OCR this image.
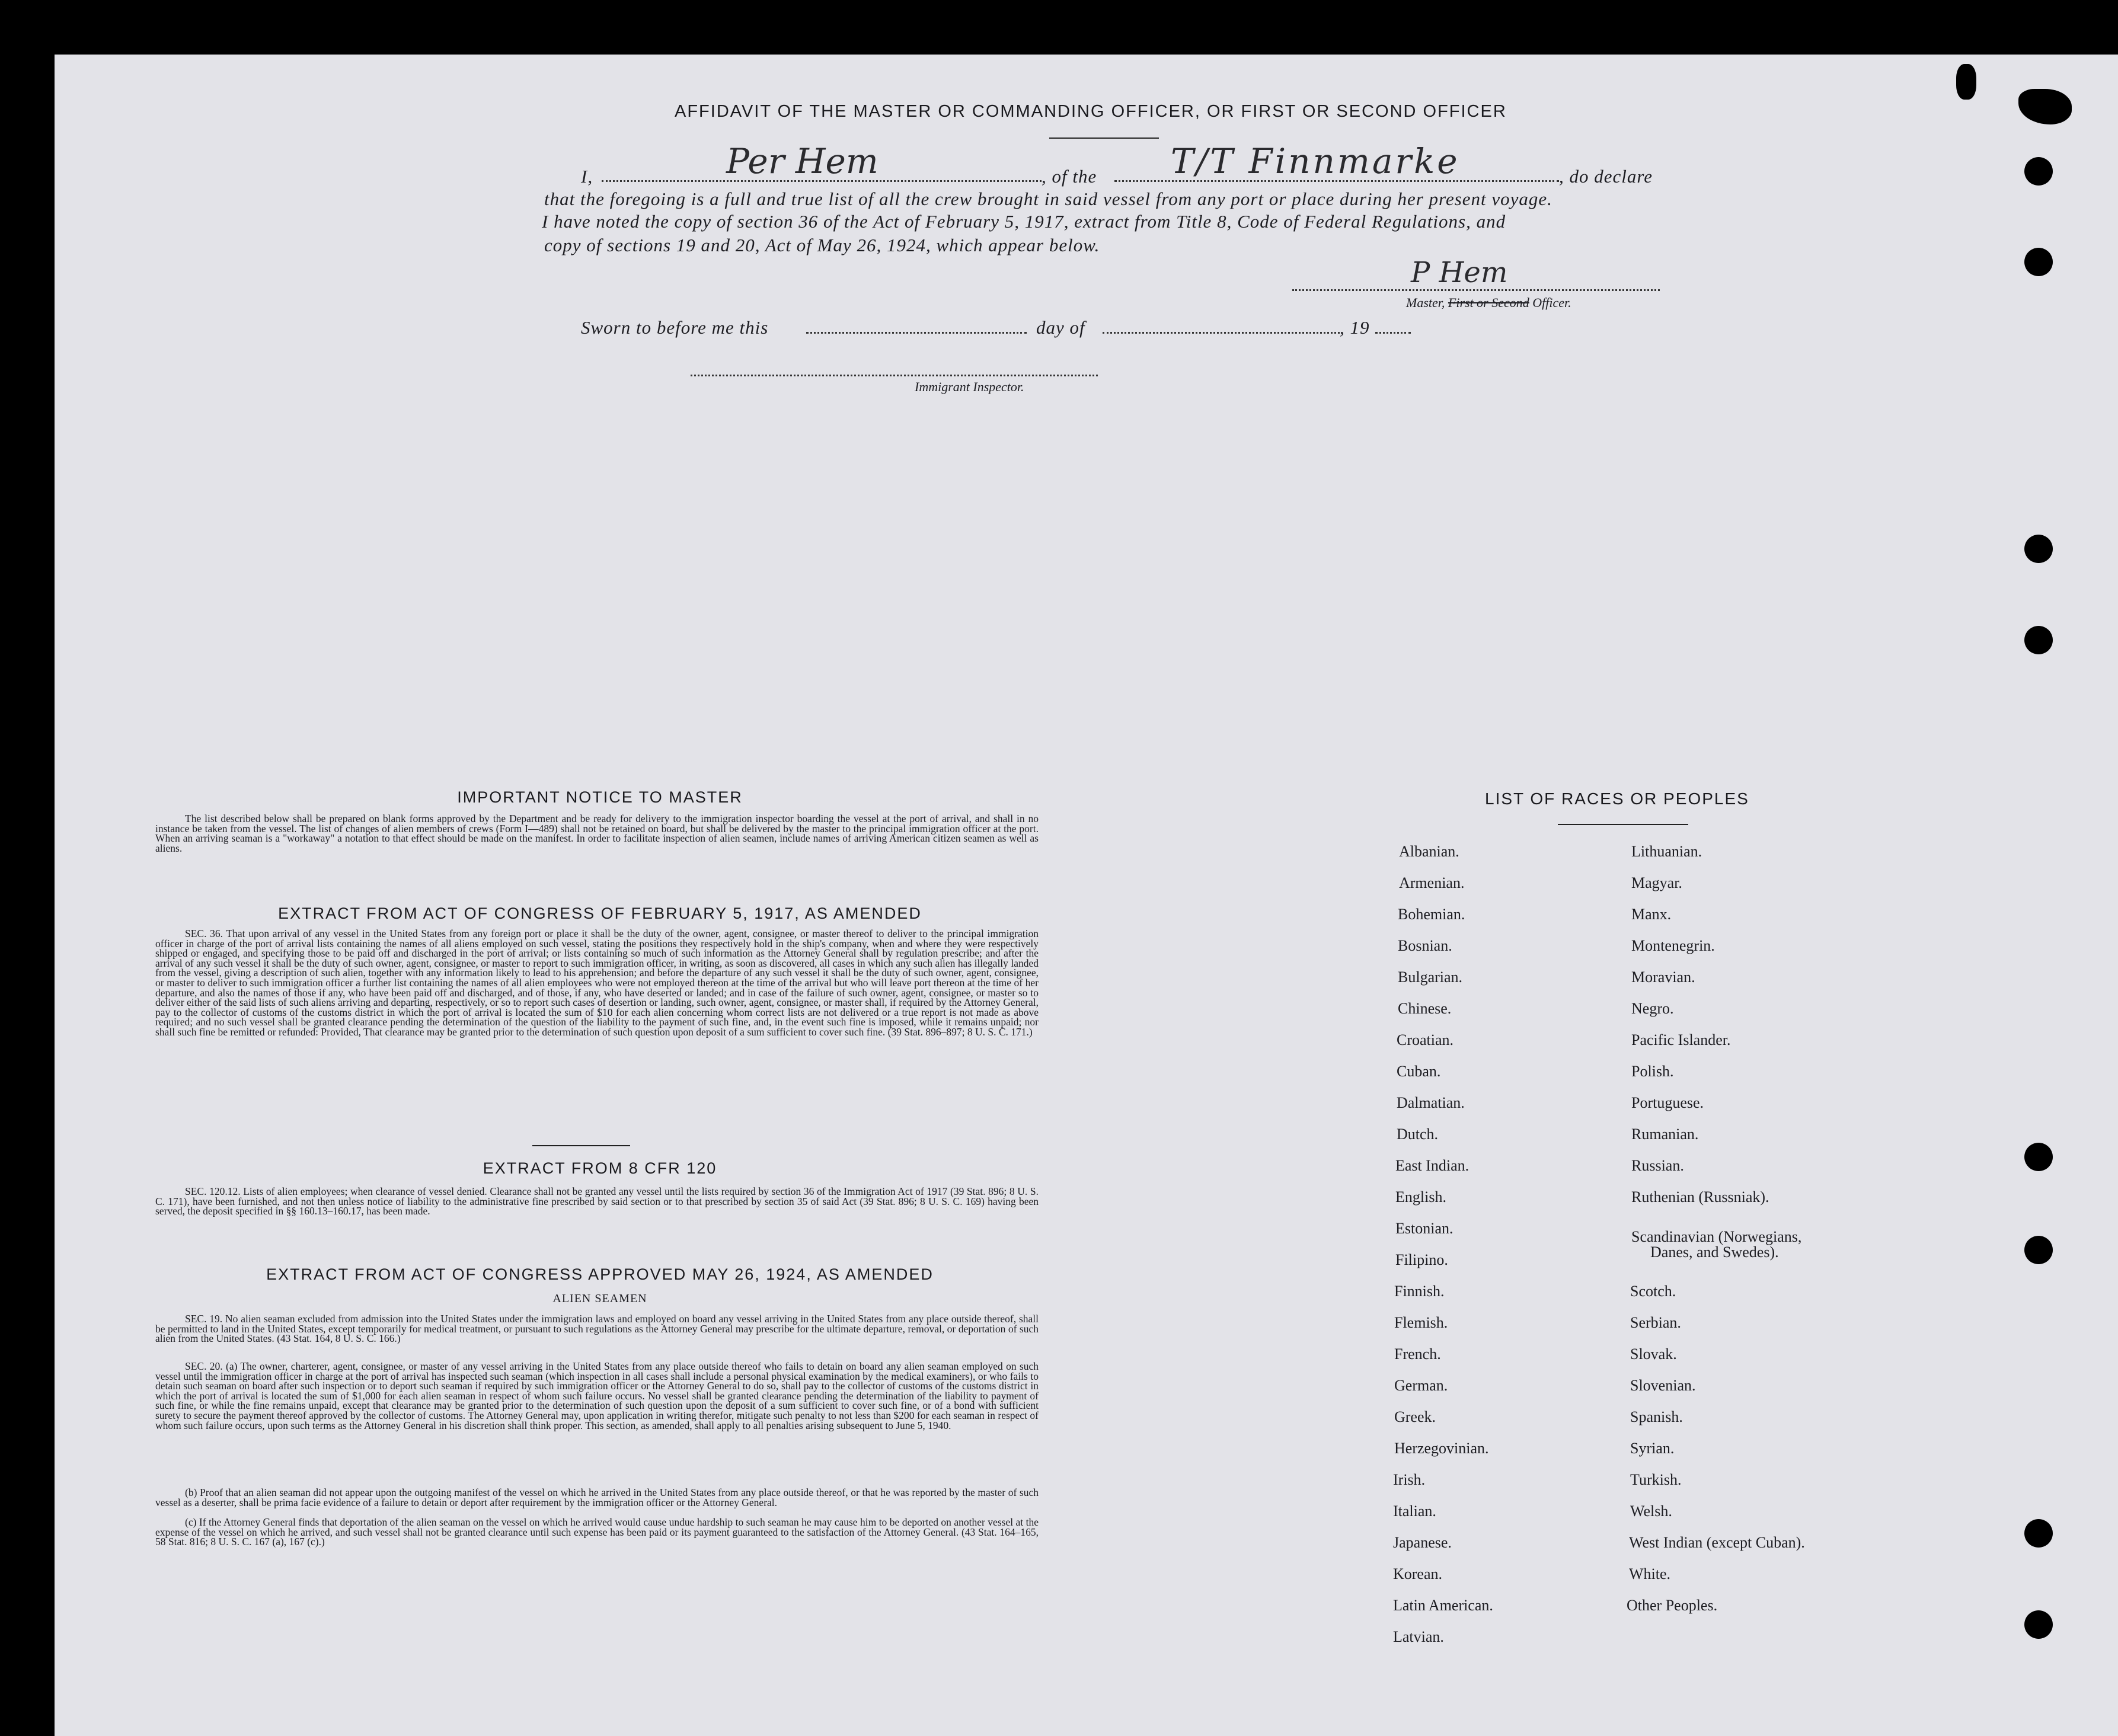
AFFIDAVIT OF THE MASTER OR COMMANDING OFFICER, OR FIRST OR SECOND OFFICER
I,	Per Hem	, of the T/T Finnmarke	, do declare
that the foregoing is a full and true list of all the crew brought in said vessel from any port or place during her present voyage.
I have noted the copy of section 36 of the Act of February 5, 1917, extract from Title 8, Code of Federal Regulations, and
copy of sections 19 and 20, Act of May 26, 1924, which appear below.
P Hem
Master, First or Second Officer.
Sworn to before me this	day of	, 19
Immigrant Inspector.
IMPORTANT NOTICE TO MASTER
The list described below shall be prepared on blank forms approved by the Department and be ready for delivery to the immigration inspector boarding the vessel at the port of arrival, and shall in no instance be taken from the vessel. The list of changes of alien members of crews (Form I—489) shall not be retained on board, but shall be delivered by the master to the principal immigration officer at the port. When an arriving seaman is a "workaway" a notation to that effect should be made on the manifest. In order to facilitate inspection of alien seamen, include names of arriving American citizen seamen as well as aliens.
EXTRACT FROM ACT OF CONGRESS OF FEBRUARY 5, 1917, AS AMENDED
SEC. 36. That upon arrival of any vessel in the United States from any foreign port or place it shall be the duty of the owner, agent, consignee, or master thereof to deliver to the principal immigration officer in charge of the port of arrival lists containing the names of all aliens employed on such vessel, stating the positions they respectively hold in the ship's company, when and where they were respectively shipped or engaged, and specifying those to be paid off and discharged in the port of arrival; or lists containing so much of such information as the Attorney General shall by regulation prescribe; and after the arrival of any such vessel it shall be the duty of such owner, agent, consignee, or master to report to such immigration officer, in writing, as soon as discovered, all cases in which any such alien has illegally landed from the vessel, giving a description of such alien, together with any information likely to lead to his apprehension; and before the departure of any such vessel it shall be the duty of such owner, agent, consignee, or master to deliver to such immigration officer a further list containing the names of all alien employees who were not employed thereon at the time of the arrival but who will leave port thereon at the time of her departure, and also the names of those if any, who have been paid off and discharged, and of those, if any, who have deserted or landed; and in case of the failure of such owner, agent, consignee, or master so to deliver either of the said lists of such aliens arriving and departing, respectively, or so to report such cases of desertion or landing, such owner, agent, consignee, or master shall, if required by the Attorney General, pay to the collector of customs of the customs district in which the port of arrival is located the sum of $10 for each alien concerning whom correct lists are not delivered or a true report is not made as above required; and no such vessel shall be granted clearance pending the determination of the question of the liability to the payment of such fine, and, in the event such fine is imposed, while it remains unpaid; nor shall such fine be remitted or refunded: Provided, That clearance may be granted prior to the determination of such question upon deposit of a sum sufficient to cover such fine. (39 Stat. 896–897; 8 U. S. C. 171.)
EXTRACT FROM 8 CFR 120
SEC. 120.12. Lists of alien employees; when clearance of vessel denied. Clearance shall not be granted any vessel until the lists required by section 36 of the Immigration Act of 1917 (39 Stat. 896; 8 U. S. C. 171), have been furnished, and not then unless notice of liability to the administrative fine prescribed by said section or to that prescribed by section 35 of said Act (39 Stat. 896; 8 U. S. C. 169) having been served, the deposit specified in §§ 160.13–160.17, has been made.
EXTRACT FROM ACT OF CONGRESS APPROVED MAY 26, 1924, AS AMENDED
ALIEN SEAMEN
SEC. 19. No alien seaman excluded from admission into the United States under the immigration laws and employed on board any vessel arriving in the United States from any place outside thereof, shall be permitted to land in the United States, except temporarily for medical treatment, or pursuant to such regulations as the Attorney General may prescribe for the ultimate departure, removal, or deportation of such alien from the United States. (43 Stat. 164, 8 U. S. C. 166.)
SEC. 20. (a) The owner, charterer, agent, consignee, or master of any vessel arriving in the United States from any place outside thereof who fails to detain on board any alien seaman employed on such vessel until the immigration officer in charge at the port of arrival has inspected such seaman (which inspection in all cases shall include a personal physical examination by the medical examiners), or who fails to detain such seaman on board after such inspection or to deport such seaman if required by such immigration officer or the Attorney General to do so, shall pay to the collector of customs of the customs district in which the port of arrival is located the sum of $1,000 for each alien seaman in respect of whom such failure occurs. No vessel shall be granted clearance pending the determination of the liability to payment of such fine, or while the fine remains unpaid, except that clearance may be granted prior to the determination of such question upon the deposit of a sum sufficient to cover such fine, or of a bond with sufficient surety to secure the payment thereof approved by the collector of customs. The Attorney General may, upon application in writing therefor, mitigate such penalty to not less than $200 for each seaman in respect of whom such failure occurs, upon such terms as the Attorney General in his discretion shall think proper. This section, as amended, shall apply to all penalties arising subsequent to June 5, 1940.
(b) Proof that an alien seaman did not appear upon the outgoing manifest of the vessel on which he arrived in the United States from any place outside thereof, or that he was reported by the master of such vessel as a deserter, shall be prima facie evidence of a failure to detain or deport after requirement by the immigration officer or the Attorney General.
(c) If the Attorney General finds that deportation of the alien seaman on the vessel on which he arrived would cause undue hardship to such seaman he may cause him to be deported on another vessel at the expense of the vessel on which he arrived, and such vessel shall not be granted clearance until such expense has been paid or its payment guaranteed to the satisfaction of the Attorney General. (43 Stat. 164–165, 58 Stat. 816; 8 U. S. C. 167 (a), 167 (c).)
LIST OF RACES OR PEOPLES
Albanian.
Armenian.
Bohemian.
Bosnian.
Bulgarian.
Chinese.
Croatian.
Cuban.
Dalmatian.
Dutch.
East Indian.
English.
Estonian.
Filipino.
Finnish.
Flemish.
French.
German.
Greek.
Herzegovinian.
Irish.
Italian.
Japanese.
Korean.
Latin American.
Latvian.
Lithuanian.
Magyar.
Manx.
Montenegrin.
Moravian.
Negro.
Pacific Islander.
Polish.
Portuguese.
Rumanian.
Russian.
Ruthenian (Russniak).
Scandinavian (Norwegians,
Danes, and Swedes).
Scotch.
Serbian.
Slovak.
Slovenian.
Spanish.
Syrian.
Turkish.
Welsh.
West Indian (except Cuban).
White.
Other Peoples.
